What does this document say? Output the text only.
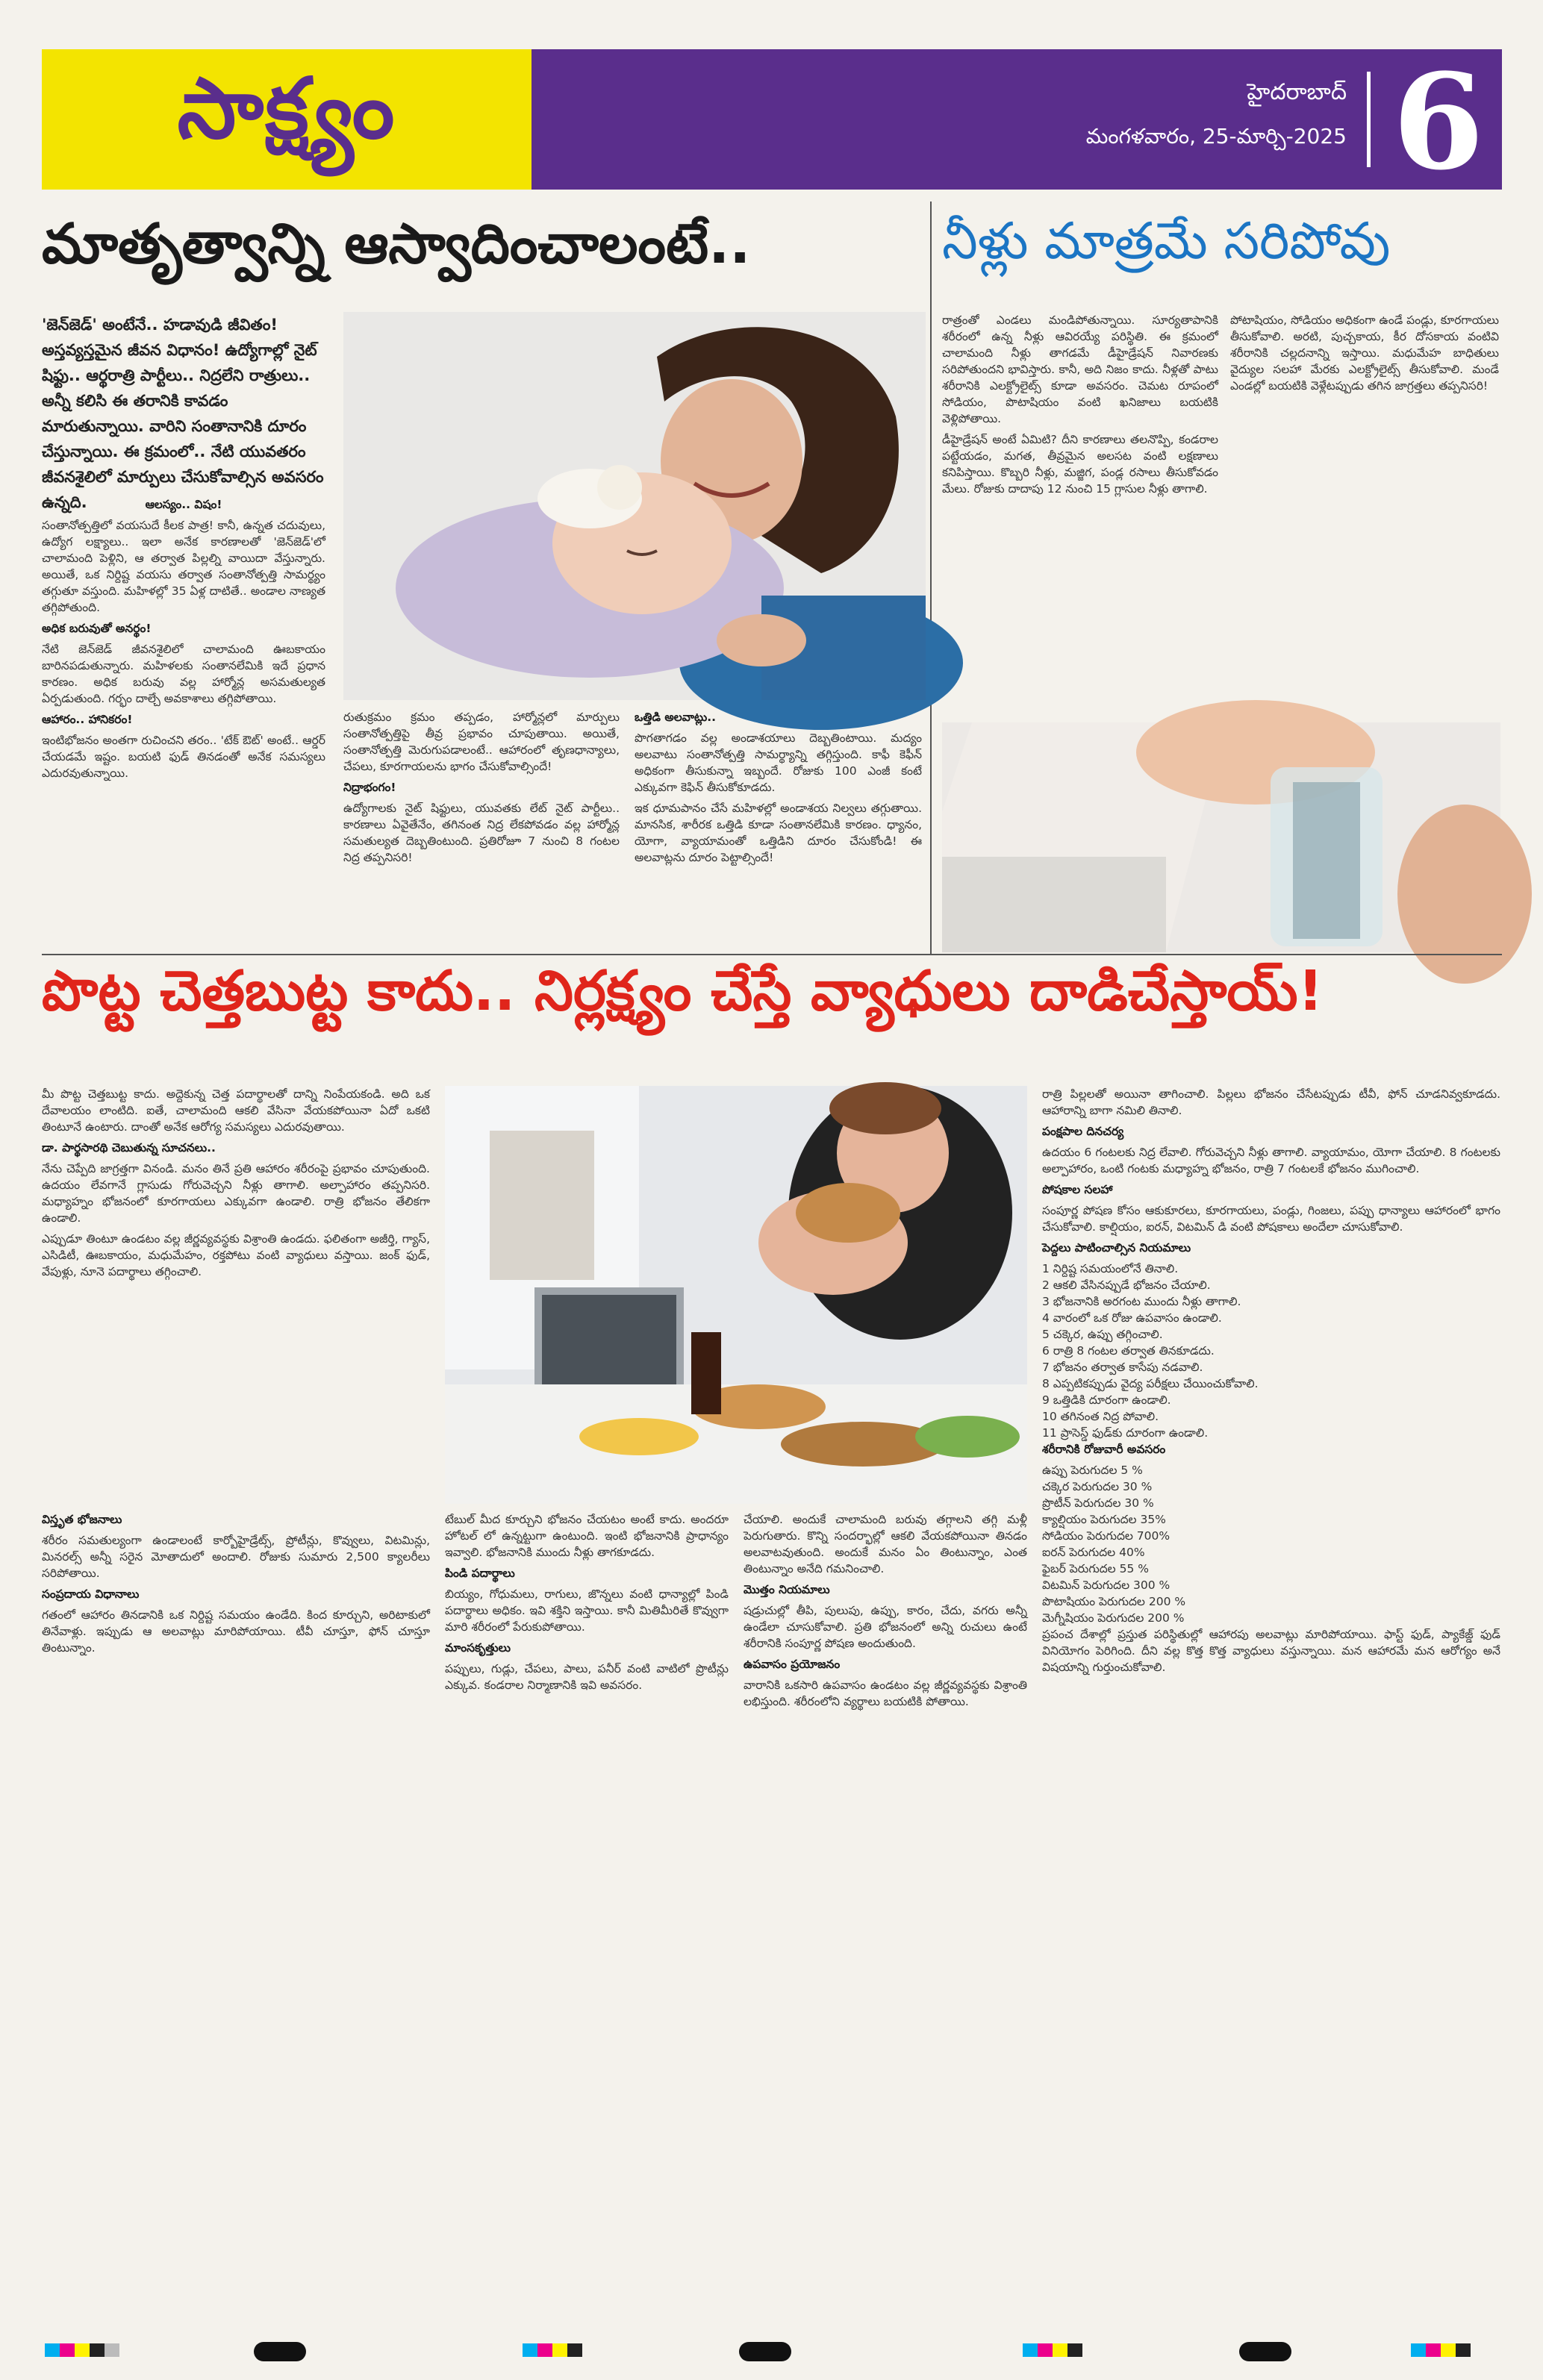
సాక్ష్యం	హైదరాబాద్
మంగళవారం, 25-మార్చి-2025 6
మాతృత్వాన్ని ఆస్వాదించాలంటే..	నీళ్లు మాత్రమే సరిపోవు
'జెన్‌జెడ్' అంటేనే.. హడావుడి జీవితం! అస్తవ్యస్తమైన జీవన విధానం! ఉద్యోగాల్లో నైట్ షిఫ్టు.. ఆర్థరాత్రి పార్టీలు.. నిద్రలేని రాత్రులు.. అన్నీ కలిసి ఈ తరానికి కావడం మారుతున్నాయి. వారిని సంతానానికి దూరం చేస్తున్నాయి. ఈ క్రమంలో.. నేటి యువతరం జీవనశైలిలో మార్పులు చేసుకోవాల్సిన అవసరం ఉన్నది.	ఆలస్యం.. విషం!

సంతానోత్పత్తిలో వయసుదే కీలక పాత్ర! కానీ, ఉన్నత చదువులు, ఉద్యోగ లక్ష్యాలు.. ఇలా అనేక కారణాలతో 'జెన్‌జెడ్'లో చాలామంది పెళ్లిని, ఆ తర్వాత పిల్లల్ని వాయిదా వేస్తున్నారు. అయితే, ఒక నిర్దిష్ట వయసు తర్వాత సంతానోత్పత్తి సామర్థ్యం తగ్గుతూ వస్తుంది. మహిళల్లో 35 ఏళ్ల దాటితే.. అండాల నాణ్యత తగ్గిపోతుంది.

అధిక బరువుతో అనర్థం!

నేటి జెన్‌జెడ్ జీవనశైలిలో చాలామంది ఊబకాయం బారినపడుతున్నారు. మహిళలకు సంతానలేమికి ఇదే ప్రధాన కారణం. అధిక బరువు వల్ల హార్మోన్ల అసమతుల్యత ఏర్పడుతుంది. గర్భం దాల్చే అవకాశాలు తగ్గిపోతాయి.

ఆహారం.. హానికరం!

ఇంటిభోజనం అంతగా రుచించని తరం.. 'టేక్ ఔట్' అంటే.. ఆర్డర్ చేయడమే ఇష్టం. బయటి ఫుడ్ తినడంతో అనేక సమస్యలు ఎదురవుతున్నాయి.

రుతుక్రమం క్రమం తప్పడం, హార్మోన్లలో మార్పులు సంతానోత్పత్తిపై తీవ్ర ప్రభావం చూపుతాయి. అయితే, సంతానోత్పత్తి మెరుగుపడాలంటే.. ఆహారంలో తృణధాన్యాలు, చేపలు, కూరగాయలను భాగం చేసుకోవాల్సిందే!

నిద్రాభంగం!

ఉద్యోగాలకు నైట్ షిఫ్టులు, యువతకు లేట్ నైట్ పార్టీలు.. కారణాలు ఏవైతేనేం, తగినంత నిద్ర లేకపోవడం వల్ల హార్మోన్ల సమతుల్యత దెబ్బతింటుంది. ప్రతిరోజూ 7 నుంచి 8 గంటల నిద్ర తప్పనిసరి!

ఒత్తిడి అలవాట్లు..

పొగతాగడం వల్ల అండాశయాలు దెబ్బతింటాయి. మద్యం అలవాటు సంతానోత్పత్తి సామర్థ్యాన్ని తగ్గిస్తుంది. కాఫీ కెఫీన్ అధికంగా తీసుకున్నా ఇబ్బందే. రోజుకు 100 ఎంజీ కంటే ఎక్కువగా కెఫిన్ తీసుకోకూడదు.

ఇక ధూమపానం చేసే మహిళల్లో అండాశయ నిల్వలు తగ్గుతాయి. మానసిక, శారీరక ఒత్తిడి కూడా సంతానలేమికి కారణం. ధ్యానం, యోగా, వ్యాయామంతో ఒత్తిడిని దూరం చేసుకోండి! ఈ అలవాట్లను దూరం పెట్టాల్సిందే!

రాత్రంతో ఎండలు మండిపోతున్నాయి. సూర్యతాపానికి శరీరంలో ఉన్న నీళ్లు ఆవిరయ్యే పరిస్థితి. ఈ క్రమంలో చాలామంది నీళ్లు తాగడమే డీహైడ్రేషన్ నివారణకు సరిపోతుందని భావిస్తారు. కానీ, అది నిజం కాదు. నీళ్లతో పాటు శరీరానికి ఎలక్ట్రోలైట్స్ కూడా అవసరం. చెమట రూపంలో సోడియం, పొటాషియం వంటి ఖనిజాలు బయటికి వెళ్లిపోతాయి.

డీహైడ్రేషన్ అంటే ఏమిటి? దీని కారణాలు తలనొప్పి, కండరాల పట్టేయడం, మగత, తీవ్రమైన అలసట వంటి లక్షణాలు కనిపిస్తాయి. కొబ్బరి నీళ్లు, మజ్జిగ, పండ్ల రసాలు తీసుకోవడం మేలు. రోజుకు దాదాపు 12 నుంచి 15 గ్లాసుల నీళ్లు తాగాలి.

పోటాషియం, సోడియం అధికంగా ఉండే పండ్లు, కూరగాయలు తీసుకోవాలి. అరటి, పుచ్చకాయ, కీర దోసకాయ వంటివి శరీరానికి చల్లదనాన్ని ఇస్తాయి. మధుమేహ బాధితులు వైద్యుల సలహా మేరకు ఎలక్ట్రోలైట్స్ తీసుకోవాలి. మండే ఎండల్లో బయటికి వెళ్లేటప్పుడు తగిన జాగ్రత్తలు తప్పనిసరి!

పొట్ట చెత్తబుట్ట కాదు.. నిర్లక్ష్యం చేస్తే వ్యాధులు దాడిచేస్తాయ్!

మీ పొట్ట చెత్తబుట్ట కాదు. అద్దెకున్న చెత్త పదార్థాలతో దాన్ని నింపేయకండి. అది ఒక దేవాలయం లాంటిది. ఐతే, చాలామంది ఆకలి వేసినా వేయకపోయినా ఏదో ఒకటి తింటూనే ఉంటారు. దాంతో అనేక ఆరోగ్య సమస్యలు ఎదురవుతాయి.

డా. పార్థసారథి చెబుతున్న సూచనలు..

నేను చెప్పేది జాగ్రత్తగా వినండి. మనం తినే ప్రతి ఆహారం శరీరంపై ప్రభావం చూపుతుంది. ఉదయం లేవగానే గ్లాసుడు గోరువెచ్చని నీళ్లు తాగాలి. అల్పాహారం తప్పనిసరి. మధ్యాహ్నం భోజనంలో కూరగాయలు ఎక్కువగా ఉండాలి. రాత్రి భోజనం తేలికగా ఉండాలి.

ఎప్పుడూ తింటూ ఉండటం వల్ల జీర్ణవ్యవస్థకు విశ్రాంతి ఉండదు. ఫలితంగా అజీర్తి, గ్యాస్, ఎసిడిటీ, ఊబకాయం, మధుమేహం, రక్తపోటు వంటి వ్యాధులు వస్తాయి. జంక్ ఫుడ్, వేపుళ్లు, నూనె పదార్థాలు తగ్గించాలి.

విస్తృత భోజనాలు

శరీరం సమతుల్యంగా ఉండాలంటే కార్బోహైడ్రేట్స్, ప్రోటీన్లు, కొవ్వులు, విటమిన్లు, మినరల్స్ అన్నీ సరైన మోతాదులో అందాలి. రోజుకు సుమారు 2,500 క్యాలరీలు సరిపోతాయి.

సంప్రదాయ విధానాలు

గతంలో ఆహారం తినడానికి ఒక నిర్దిష్ట సమయం ఉండేది. కింద కూర్చుని, అరిటాకులో తినేవాళ్లు. ఇప్పుడు ఆ అలవాట్లు మారిపోయాయి. టీవీ చూస్తూ, ఫోన్ చూస్తూ తింటున్నాం.

టేబుల్ మీద కూర్చుని భోజనం చేయటం అంటే కాదు. అందరూ హోటల్ లో ఉన్నట్టుగా ఉంటుంది. ఇంటి భోజనానికి ప్రాధాన్యం ఇవ్వాలి. భోజనానికి ముందు నీళ్లు తాగకూడదు.

పిండి పదార్థాలు

బియ్యం, గోధుమలు, రాగులు, జొన్నలు వంటి ధాన్యాల్లో పిండి పదార్థాలు అధికం. ఇవి శక్తిని ఇస్తాయి. కానీ మితిమీరితే కొవ్వుగా మారి శరీరంలో పేరుకుపోతాయి.

మాంసకృత్తులు

పప్పులు, గుడ్లు, చేపలు, పాలు, పనీర్ వంటి వాటిలో ప్రొటీన్లు ఎక్కువ. కండరాల నిర్మాణానికి ఇవి అవసరం.

చేయాలి. అందుకే చాలామంది బరువు తగ్గాలని తగ్గి మళ్లీ పెరుగుతారు. కొన్ని సందర్భాల్లో ఆకలి వేయకపోయినా తినడం అలవాటవుతుంది. అందుకే మనం ఏం తింటున్నాం, ఎంత తింటున్నాం అనేది గమనించాలి.

మొత్తం నియమాలు

షడ్రుచుల్లో తీపి, పులుపు, ఉప్పు, కారం, చేదు, వగరు అన్నీ ఉండేలా చూసుకోవాలి. ప్రతి భోజనంలో అన్ని రుచులు ఉంటే శరీరానికి సంపూర్ణ పోషణ అందుతుంది.

ఉపవాసం ప్రయోజనం

వారానికి ఒకసారి ఉపవాసం ఉండటం వల్ల జీర్ణవ్యవస్థకు విశ్రాంతి లభిస్తుంది. శరీరంలోని వ్యర్థాలు బయటికి పోతాయి.

రాత్రి పిల్లలతో అయినా తాగించాలి. పిల్లలు భోజనం చేసేటప్పుడు టీవీ, ఫోన్ చూడనివ్వకూడదు. ఆహారాన్ని బాగా నమిలి తినాలి.

పంక్షపాల దినచర్య

ఉదయం 6 గంటలకు నిద్ర లేవాలి. గోరువెచ్చని నీళ్లు తాగాలి. వ్యాయామం, యోగా చేయాలి. 8 గంటలకు అల్పాహారం, ఒంటి గంటకు మధ్యాహ్న భోజనం, రాత్రి 7 గంటలకే భోజనం ముగించాలి.

పోషకాల సలహా

సంపూర్ణ పోషణ కోసం ఆకుకూరలు, కూరగాయలు, పండ్లు, గింజలు, పప్పు ధాన్యాలు ఆహారంలో భాగం చేసుకోవాలి. కాల్షియం, ఐరన్, విటమిన్ డి వంటి పోషకాలు అందేలా చూసుకోవాలి.

పెద్దలు పాటించాల్సిన నియమాలు

1 నిర్దిష్ట సమయంలోనే తినాలి.
2 ఆకలి వేసినప్పుడే భోజనం చేయాలి.
3 భోజనానికి అరగంట ముందు నీళ్లు తాగాలి.
4 వారంలో ఒక రోజు ఉపవాసం ఉండాలి.
5 చక్కెర, ఉప్పు తగ్గించాలి.
6 రాత్రి 8 గంటల తర్వాత తినకూడదు.
7 భోజనం తర్వాత కాసేపు నడవాలి.
8 ఎప్పటికప్పుడు వైద్య పరీక్షలు చేయించుకోవాలి.
9 ఒత్తిడికి దూరంగా ఉండాలి.
10 తగినంత నిద్ర పోవాలి.
11 ప్రాసెస్డ్ ఫుడ్‌కు దూరంగా ఉండాలి.

శరీరానికి రోజువారీ అవసరం

ఉప్పు పెరుగుదల 5 %
చక్కెర పెరుగుదల 30 %
ప్రొటీన్ పెరుగుదల 30 %
క్యాల్షియం పెరుగుదల 35%
సోడియం పెరుగుదల 700%
ఐరన్ పెరుగుదల 40%
ఫైబర్ పెరుగుదల 55 %
విటమిన్ పెరుగుదల 300 %
పొటాషియం పెరుగుదల 200 %
మెగ్నీషియం పెరుగుదల 200 %

ప్రపంచ దేశాల్లో ప్రస్తుత పరిస్థితుల్లో ఆహారపు అలవాట్లు మారిపోయాయి. ఫాస్ట్ ఫుడ్, ప్యాకేజ్డ్ ఫుడ్ వినియోగం పెరిగింది. దీని వల్ల కొత్త కొత్త వ్యాధులు వస్తున్నాయి. మన ఆహారమే మన ఆరోగ్యం అనే విషయాన్ని గుర్తుంచుకోవాలి.
